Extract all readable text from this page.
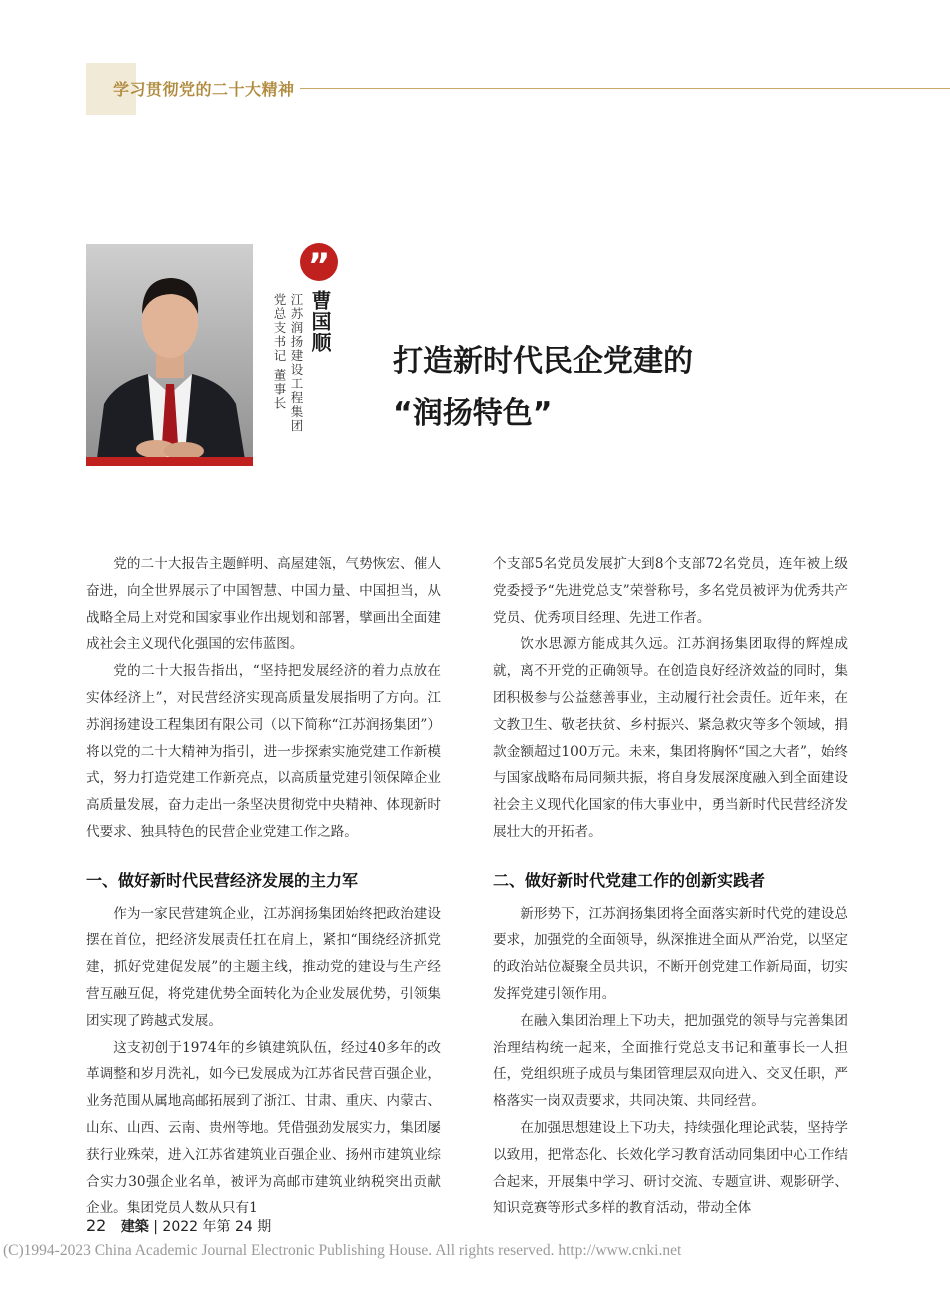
学习贯彻党的二十大精神
”
曹国顺
江苏润扬建设工程集团
党总支书记 董事长	打造新时代民企党建的
“润扬特色”

党的二十大报告主题鲜明、高屋建瓴，气势恢宏、催人奋进，向全世界展示了中国智慧、中国力量、中国担当，从战略全局上对党和国家事业作出规划和部署，擘画出全面建成社会主义现代化强国的宏伟蓝图。

党的二十大报告指出，“坚持把发展经济的着力点放在实体经济上”，对民营经济实现高质量发展指明了方向。江苏润扬建设工程集团有限公司（以下简称“江苏润扬集团”）将以党的二十大精神为指引，进一步探索实施党建工作新模式，努力打造党建工作新亮点，以高质量党建引领保障企业高质量发展，奋力走出一条坚决贯彻党中央精神、体现新时代要求、独具特色的民营企业党建工作之路。

一、做好新时代民营经济发展的主力军

作为一家民营建筑企业，江苏润扬集团始终把政治建设摆在首位，把经济发展责任扛在肩上，紧扣“围绕经济抓党建，抓好党建促发展”的主题主线，推动党的建设与生产经营互融互促，将党建优势全面转化为企业发展优势，引领集团实现了跨越式发展。

这支初创于1974年的乡镇建筑队伍，经过40多年的改革调整和岁月洗礼，如今已发展成为江苏省民营百强企业，业务范围从属地高邮拓展到了浙江、甘肃、重庆、内蒙古、山东、山西、云南、贵州等地。凭借强劲发展实力，集团屡获行业殊荣，进入江苏省建筑业百强企业、扬州市建筑业综合实力30强企业名单，被评为高邮市建筑业纳税突出贡献企业。集团党员人数从只有1

个支部5名党员发展扩大到8个支部72名党员，连年被上级党委授予“先进党总支”荣誉称号，多名党员被评为优秀共产党员、优秀项目经理、先进工作者。

饮水思源方能成其久远。江苏润扬集团取得的辉煌成就，离不开党的正确领导。在创造良好经济效益的同时，集团积极参与公益慈善事业，主动履行社会责任。近年来，在文教卫生、敬老扶贫、乡村振兴、紧急救灾等多个领域，捐款金额超过100万元。未来，集团将胸怀“国之大者”，始终与国家战略布局同频共振，将自身发展深度融入到全面建设社会主义现代化国家的伟大事业中，勇当新时代民营经济发展壮大的开拓者。

二、做好新时代党建工作的创新实践者

新形势下，江苏润扬集团将全面落实新时代党的建设总要求，加强党的全面领导，纵深推进全面从严治党，以坚定的政治站位凝聚全员共识，不断开创党建工作新局面，切实发挥党建引领作用。

在融入集团治理上下功夫，把加强党的领导与完善集团治理结构统一起来，全面推行党总支书记和董事长一人担任，党组织班子成员与集团管理层双向进入、交叉任职，严格落实一岗双责要求，共同决策、共同经营。

在加强思想建设上下功夫，持续强化理论武装，坚持学以致用，把常态化、长效化学习教育活动同集团中心工作结合起来，开展集中学习、研讨交流、专题宣讲、观影研学、知识竞赛等形式多样的教育活动，带动全体

22 建築 | 2022 年第 24 期
(C)1994-2023 China Academic Journal Electronic Publishing House. All rights reserved. http://www.cnki.net
